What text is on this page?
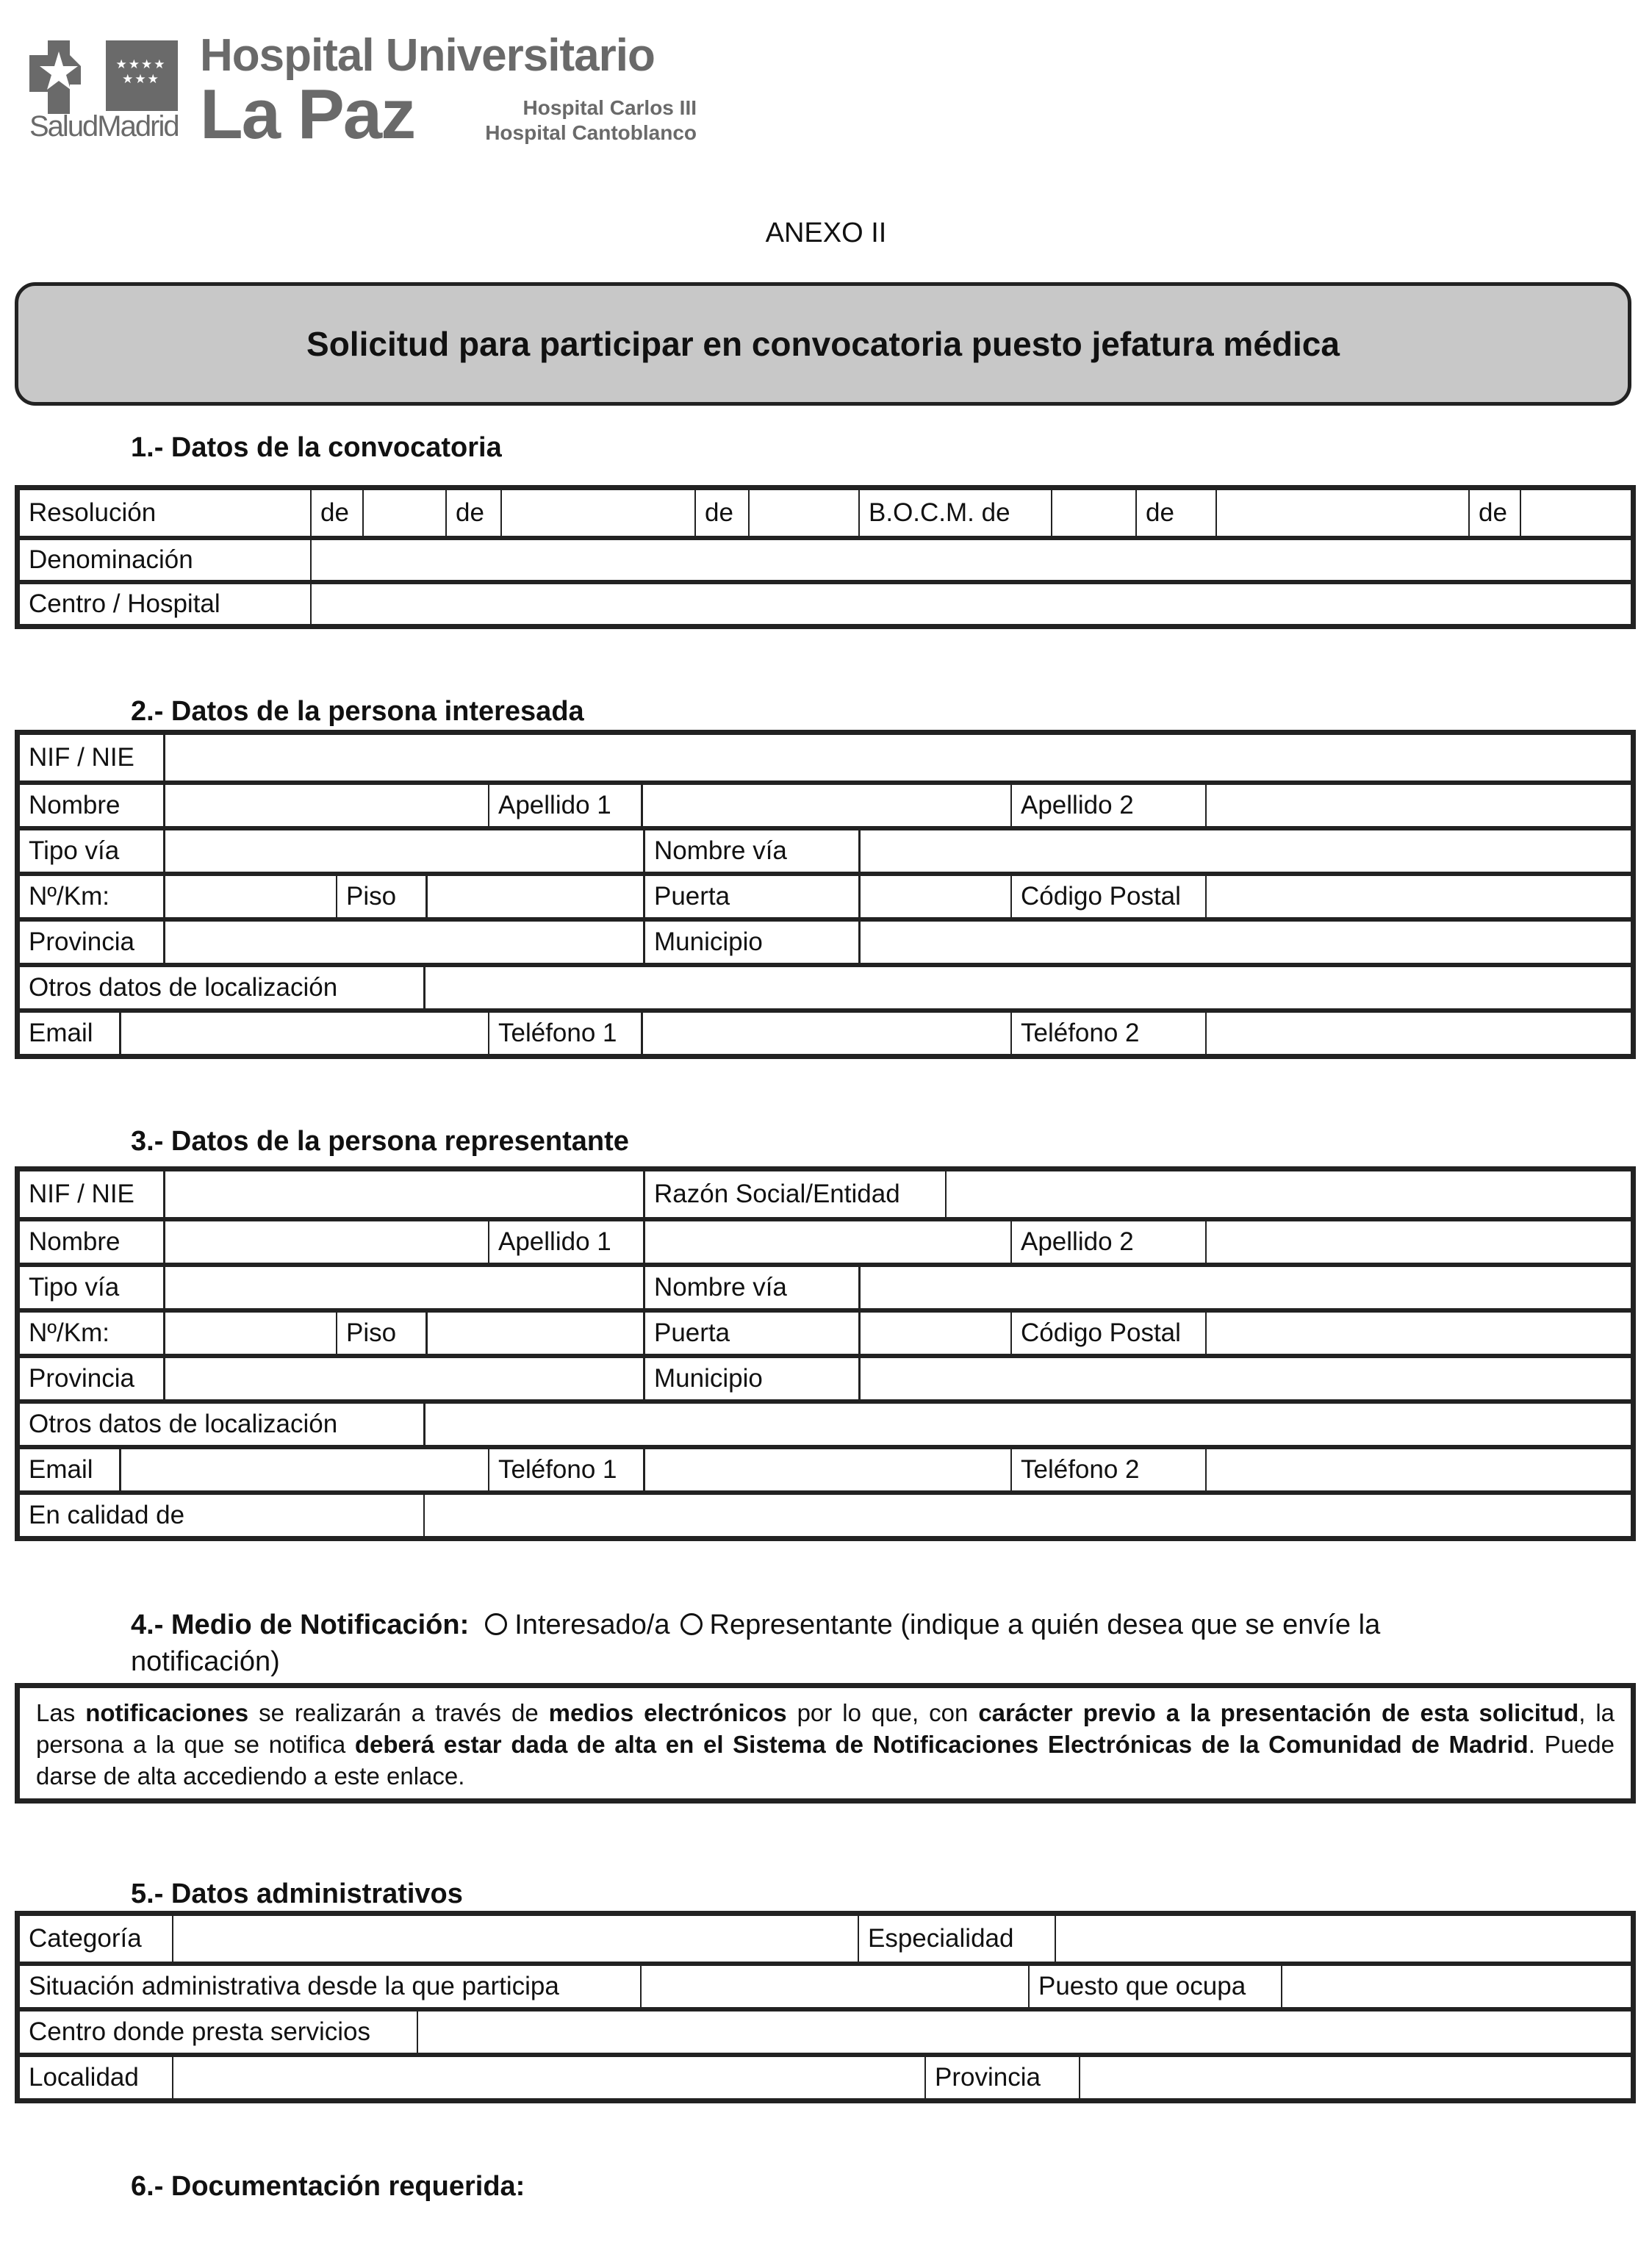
★★★★ ★★★
SaludMadrid
Hospital Universitario
La Paz	Hospital Carlos III
Hospital Cantoblanco
ANEXO II
Solicitud para participar en convocatoria puesto jefatura médica
1.- Datos de la convocatoria
Resolución	de	de	de	B.O.C.M. de	de	de
Denominación
Centro / Hospital
2.- Datos de la persona interesada
NIF / NIE
Nombre	Apellido 1	Apellido 2
Tipo vía	Nombre vía
Nº/Km:	Piso	Puerta	Código Postal
Provincia	Municipio
Otros datos de localización
Email	Teléfono 1	Teléfono 2
3.- Datos de la persona representante
NIF / NIE	Razón Social/Entidad
Nombre	Apellido 1	Apellido 2
Tipo vía	Nombre vía
Nº/Km:	Piso	Puerta	Código Postal
Provincia	Municipio
Otros datos de localización
Email	Teléfono 1	Teléfono 2
En calidad de
4.- Medio de Notificación: Interesado/a Representante (indique a quién desea que se envíe la
notificación)
Las notificaciones se realizarán a través de medios electrónicos por lo que, con carácter previo a la presentación de esta solicitud, la persona a la que se notifica deberá estar dada de alta en el Sistema de Notificaciones Electrónicas de la Comunidad de Madrid. Puede darse de alta accediendo a este enlace.
5.- Datos administrativos
Categoría	Especialidad
Situación administrativa desde la que participa	Puesto que ocupa
Centro donde presta servicios
Localidad	Provincia
6.- Documentación requerida:
